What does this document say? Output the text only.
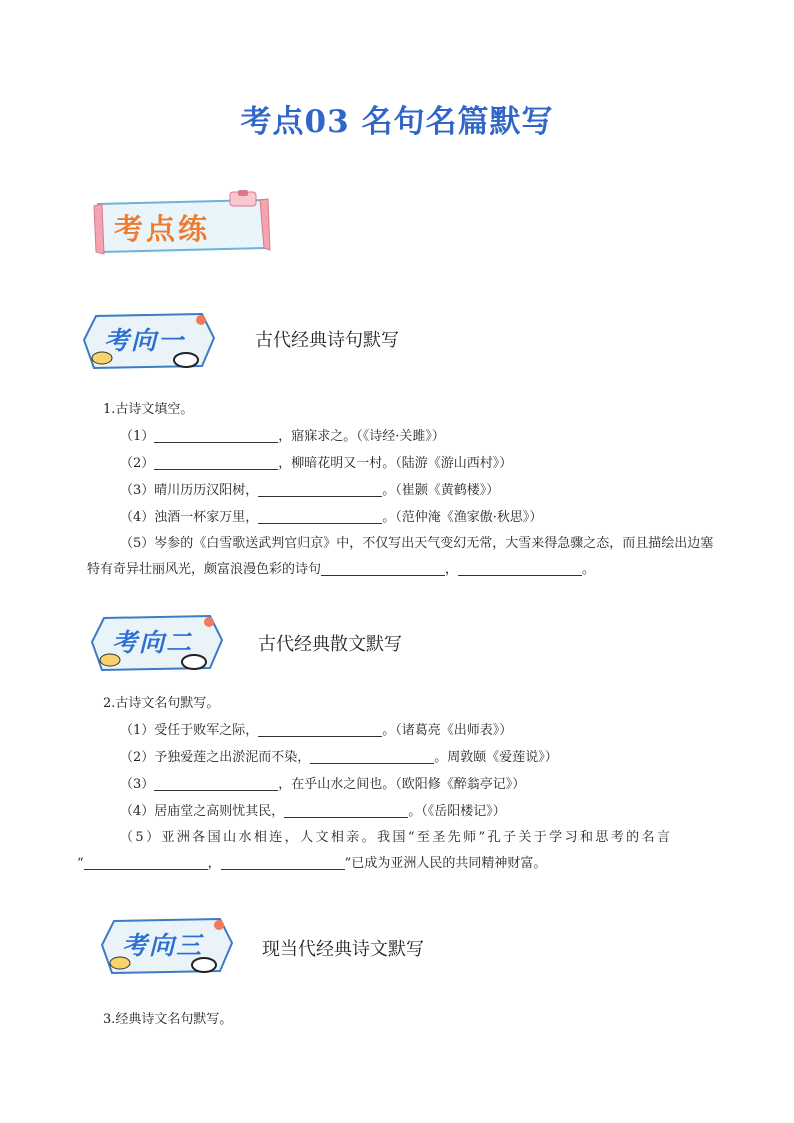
考点03 名句名篇默写
考点练
考向一	古代经典诗句默写
1.古诗文填空。
（1）	，寤寐求之。（《诗经·关雎》）
（2）	，柳暗花明又一村。（陆游《游山西村》）
（3）晴川历历汉阳树，	。（崔颢《黄鹤楼》）
（4）浊酒一杯家万里，	。（范仲淹《渔家傲·秋思》）
（5）岑参的《白雪歌送武判官归京》中，不仅写出天气变幻无常，大雪来得急骤之态，而且描绘出边塞特有奇异壮丽风光，颇富浪漫色彩的诗句	，	。
考向二	古代经典散文默写
2.古诗文名句默写。
（1）受任于败军之际，	。（诸葛亮《出师表》）
（2）予独爱莲之出淤泥而不染，	。周敦颐《爱莲说》）
（3）	，在乎山水之间也。（欧阳修《醉翁亭记》）
（4）居庙堂之高则忧其民，	。（《岳阳楼记》）
（5）亚洲各国山水相连，人文相亲。我国“至圣先师”孔子关于学习和思考的名言
“	，	”已成为亚洲人民的共同精神财富。
考向三	现当代经典诗文默写
3.经典诗文名句默写。
